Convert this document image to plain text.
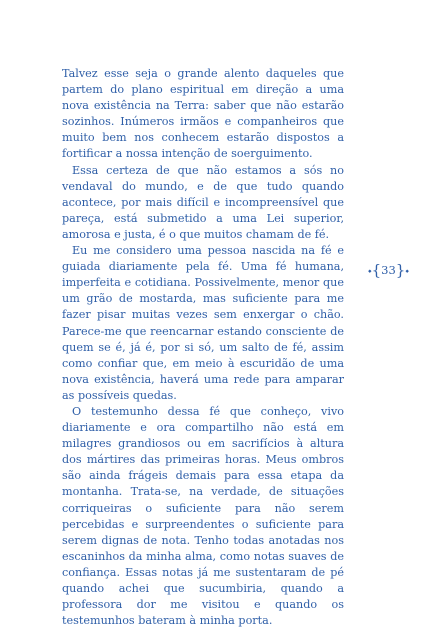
Talvez esse seja o grande alento daqueles que partem do plano espiritual em direção a uma nova existência na Terra: saber que não estarão sozinhos. Inúmeros irmãos e companheiros que muito bem nos conhecem estarão dispostos a fortificar a nossa intenção de soerguimento.

Essa certeza de que não estamos a sós no vendaval do mundo, e de que tudo quando acontece, por mais difícil e incompreensível que pareça, está submetido a uma Lei superior, amorosa e justa, é o que muitos chamam de fé.

Eu me considero uma pessoa nascida na fé e guiada diariamente pela fé. Uma fé humana, imperfeita e cotidiana. Possivelmente, menor que um grão de mostarda, mas suficiente para me fazer pisar muitas vezes sem enxergar o chão. Parece-me que reencarnar estando consciente de quem se é, já é, por si só, um salto de fé, assim como confiar que, em meio à escuridão de uma nova existência, haverá uma rede para amparar as possíveis quedas.

O testemunho dessa fé que conheço, vivo diariamente e ora compartilho não está em milagres grandiosos ou em sacrifícios à altura dos mártires das primeiras horas. Meus ombros são ainda frágeis demais para essa etapa da montanha. Trata-se, na verdade, de situações corriqueiras o suficiente para não serem percebidas e surpreendentes o suficiente para serem dignas de nota. Tenho todas anotadas nos escaninhos da minha alma, como notas suaves de confiança. Essas notas já me sustentaram de pé quando achei que sucumbiria, quando a professora dor me visitou e quando os testemunhos bateram à minha porta.

⬩{33}⬩
